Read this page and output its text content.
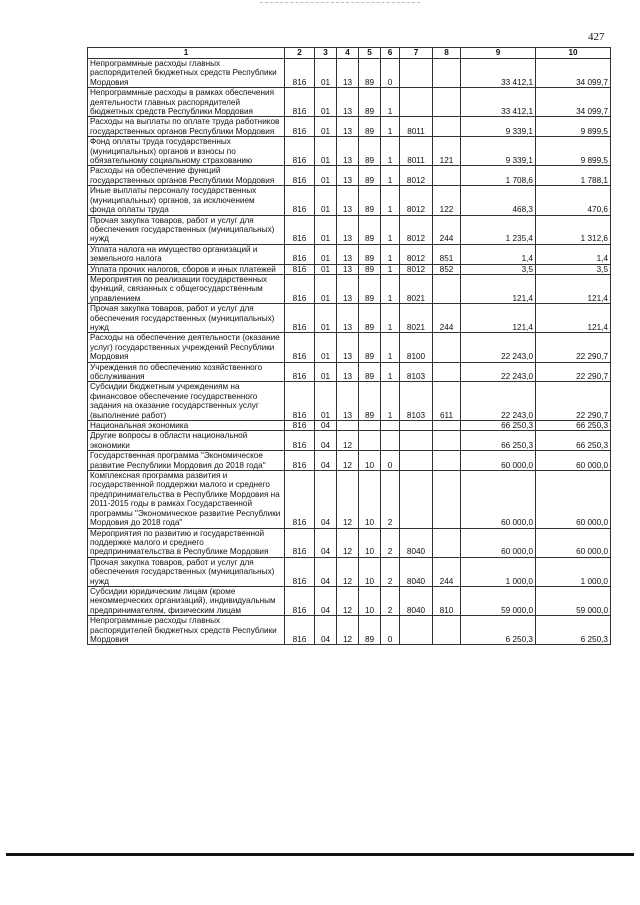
427
1	2	3	4	5	6	7	8	9	10
Непрограммные расходы главных распорядителей бюджетных средств Республики Мордовия	816	01	13	89	0			33 412,1	34 099,7
Непрограммные расходы в рамках обеспечения деятельности главных распорядителей бюджетных средств Республики Мордовия	816	01	13	89	1			33 412,1	34 099,7
Расходы на выплаты по оплате труда работников государственных органов Республики Мордовия	816	01	13	89	1	8011		9 339,1	9 899,5
Фонд оплаты труда государственных (муниципальных) органов и взносы по обязательному социальному страхованию	816	01	13	89	1	8011	121	9 339,1	9 899,5
Расходы на обеспечение функций государственных органов Республики Мордовия	816	01	13	89	1	8012		1 708,6	1 788,1
Иные выплаты персоналу государственных (муниципальных) органов, за исключением фонда оплаты труда	816	01	13	89	1	8012	122	468,3	470,6
Прочая закупка товаров, работ и услуг для обеспечения государственных (муниципальных) нужд	816	01	13	89	1	8012	244	1 235,4	1 312,6
Уплата налога на имущество организаций и земельного налога	816	01	13	89	1	8012	851	1,4	1,4
Уплата прочих налогов, сборов и иных платежей	816	01	13	89	1	8012	852	3,5	3,5
Мероприятия по реализации государственных функций, связанных с общегосударственным управлением	816	01	13	89	1	8021		121,4	121,4
Прочая закупка товаров, работ и услуг для обеспечения государственных (муниципальных) нужд	816	01	13	89	1	8021	244	121,4	121,4
Расходы на обеспечение деятельности (оказание услуг) государственных учреждений Республики Мордовия	816	01	13	89	1	8100		22 243,0	22 290,7
Учреждения по обеспечению хозяйственного обслуживания	816	01	13	89	1	8103		22 243,0	22 290,7
Субсидии бюджетным учреждениям на финансовое обеспечение государственного задания на оказание государственных услуг (выполнение работ)	816	01	13	89	1	8103	611	22 243,0	22 290,7
Национальная экономика	816	04						66 250,3	66 250,3
Другие вопросы в области национальной экономики	816	04	12					66 250,3	66 250,3
Государственная программа "Экономическое развитие Республики Мордовия до 2018 года"	816	04	12	10	0			60 000,0	60 000,0
Комплексная программа развития и государственной поддержки малого и среднего предпринимательства в Республике Мордовия на 2011-2015 годы в рамках Государственной программы "Экономическое развитие Республики Мордовия до 2018 года"	816	04	12	10	2			60 000,0	60 000,0
Мероприятия по развитию и государственной поддержке малого и среднего предпринимательства в Республике Мордовия	816	04	12	10	2	8040		60 000,0	60 000,0
Прочая закупка товаров, работ и услуг для обеспечения государственных (муниципальных) нужд	816	04	12	10	2	8040	244	1 000,0	1 000,0
Субсидии юридическим лицам (кроме некоммерческих организаций), индивидуальным предпринимателям, физическим лицам	816	04	12	10	2	8040	810	59 000,0	59 000,0
Непрограммные расходы главных распорядителей бюджетных средств Республики Мордовия	816	04	12	89	0			6 250,3	6 250,3
